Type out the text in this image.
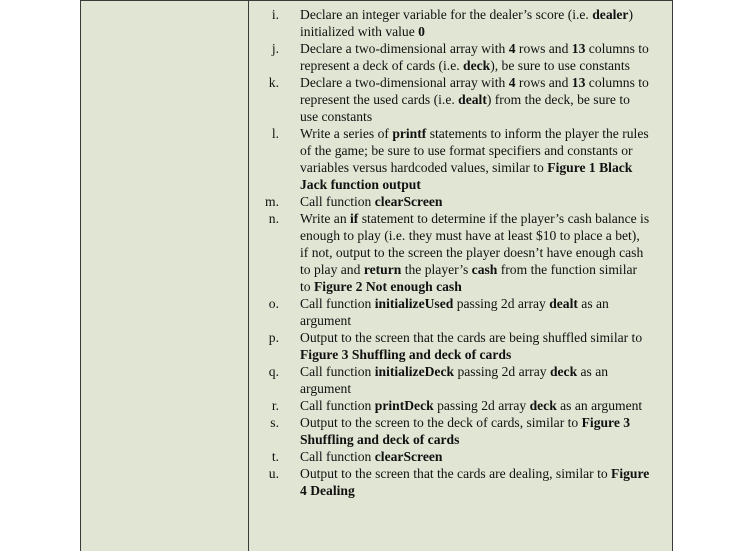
i.	Declare an integer variable for the dealer’s score (i.e. dealer) initialized with value 0
j.	Declare a two-dimensional array with 4 rows and 13 columns to represent a deck of cards (i.e. deck), be sure to use constants
k.	Declare a two-dimensional array with 4 rows and 13 columns to represent the used cards (i.e. dealt) from the deck, be sure to use constants
l.	Write a series of printf statements to inform the player the rules of the game; be sure to use format specifiers and constants or variables versus hardcoded values, similar to Figure 1 Black Jack function output
m.	Call function clearScreen
n.	Write an if statement to determine if the player’s cash balance is enough to play (i.e. they must have at least $10 to place a bet), if not, output to the screen the player doesn’t have enough cash to play and return the player’s cash from the function similar to Figure 2 Not enough cash
o.	Call function initializeUsed passing 2d array dealt as an argument
p.	Output to the screen that the cards are being shuffled similar to Figure 3 Shuffling and deck of cards
q.	Call function initializeDeck passing 2d array deck as an argument
r.	Call function printDeck passing 2d array deck as an argument
s.	Output to the screen to the deck of cards, similar to Figure 3 Shuffling and deck of cards
t.	Call function clearScreen
u.	Output to the screen that the cards are dealing, similar to Figure 4 Dealing
